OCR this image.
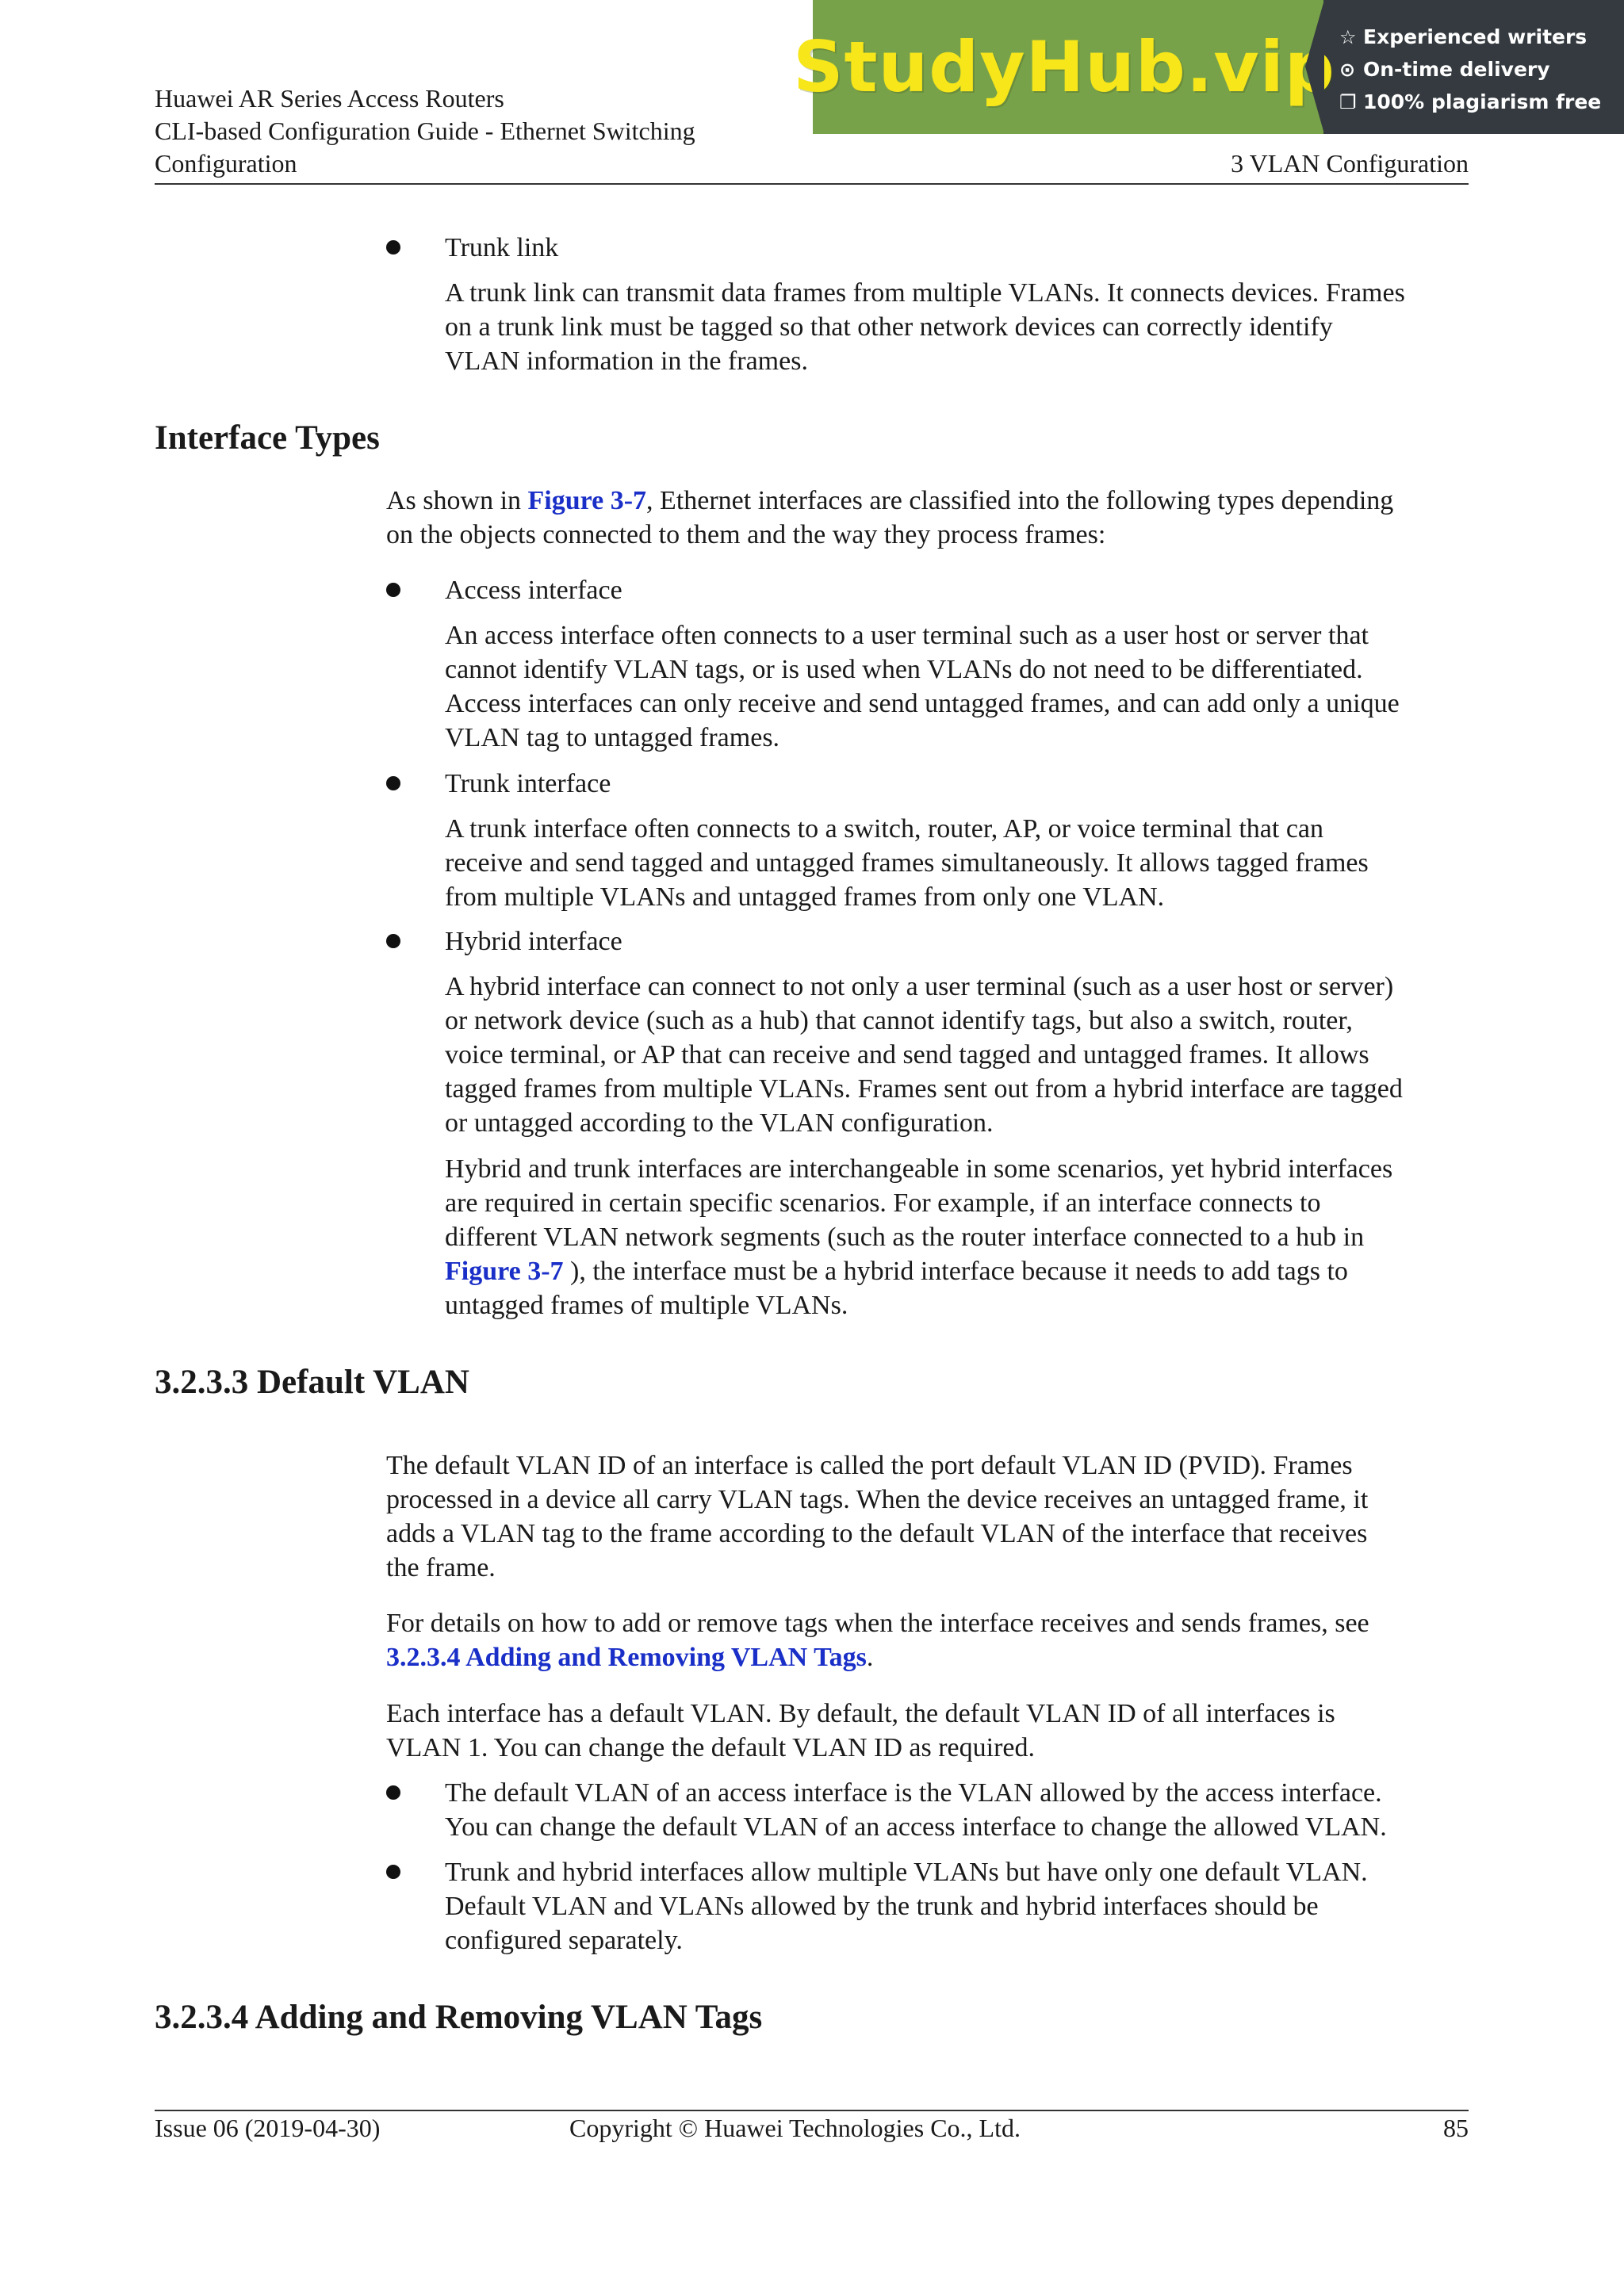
Huawei AR Series Access Routers
CLI-based Configuration Guide - Ethernet Switching
Configuration	3 VLAN Configuration
StudyHub.vip ☆ Experienced writers
⊙ On-time delivery
❐ 100% plagiarism free
Trunk link
A trunk link can transmit data frames from multiple VLANs. It connects devices. Frames
on a trunk link must be tagged so that other network devices can correctly identify
VLAN information in the frames.
Interface Types
As shown in Figure 3-7, Ethernet interfaces are classified into the following types depending
on the objects connected to them and the way they process frames:
Access interface
An access interface often connects to a user terminal such as a user host or server that
cannot identify VLAN tags, or is used when VLANs do not need to be differentiated.
Access interfaces can only receive and send untagged frames, and can add only a unique
VLAN tag to untagged frames.
Trunk interface
A trunk interface often connects to a switch, router, AP, or voice terminal that can
receive and send tagged and untagged frames simultaneously. It allows tagged frames
from multiple VLANs and untagged frames from only one VLAN.
Hybrid interface
A hybrid interface can connect to not only a user terminal (such as a user host or server)
or network device (such as a hub) that cannot identify tags, but also a switch, router,
voice terminal, or AP that can receive and send tagged and untagged frames. It allows
tagged frames from multiple VLANs. Frames sent out from a hybrid interface are tagged
or untagged according to the VLAN configuration.
Hybrid and trunk interfaces are interchangeable in some scenarios, yet hybrid interfaces
are required in certain specific scenarios. For example, if an interface connects to
different VLAN network segments (such as the router interface connected to a hub in
Figure 3-7 ), the interface must be a hybrid interface because it needs to add tags to
untagged frames of multiple VLANs.
3.2.3.3 Default VLAN
The default VLAN ID of an interface is called the port default VLAN ID (PVID). Frames
processed in a device all carry VLAN tags. When the device receives an untagged frame, it
adds a VLAN tag to the frame according to the default VLAN of the interface that receives
the frame.
For details on how to add or remove tags when the interface receives and sends frames, see
3.2.3.4 Adding and Removing VLAN Tags.
Each interface has a default VLAN. By default, the default VLAN ID of all interfaces is
VLAN 1. You can change the default VLAN ID as required.
The default VLAN of an access interface is the VLAN allowed by the access interface.
You can change the default VLAN of an access interface to change the allowed VLAN.
Trunk and hybrid interfaces allow multiple VLANs but have only one default VLAN.
Default VLAN and VLANs allowed by the trunk and hybrid interfaces should be
configured separately.
3.2.3.4 Adding and Removing VLAN Tags
Issue 06 (2019-04-30)	Copyright © Huawei Technologies Co., Ltd.	85
